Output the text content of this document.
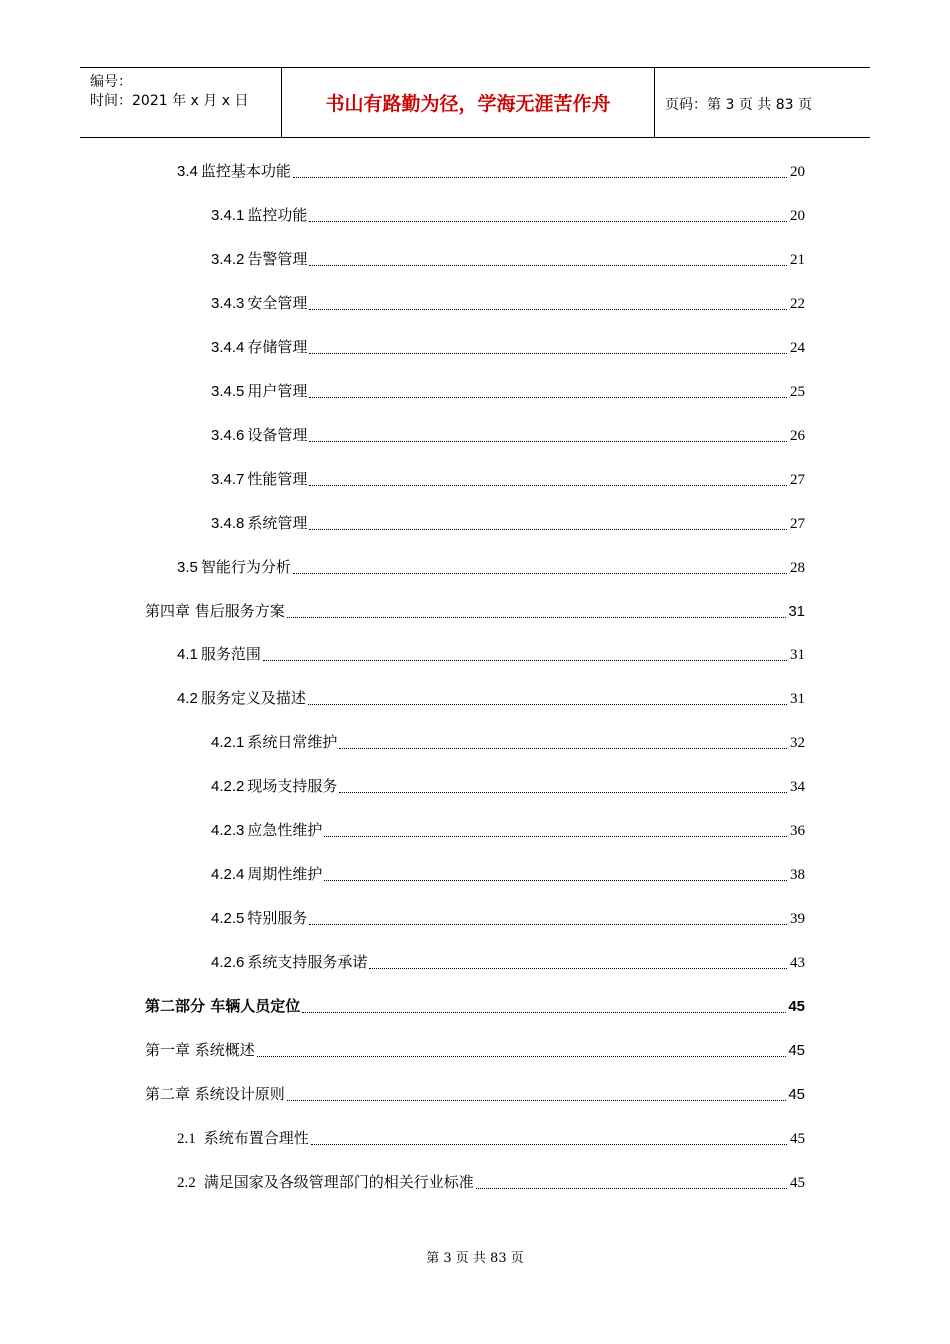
编号：
时间：2021 年 x 月 x 日	书山有路勤为径，学海无涯苦作舟	页码：第 3 页 共 83 页
3.4 监控基本功能	20
3.4.1 监控功能	20
3.4.2 告警管理	21
3.4.3 安全管理	22
3.4.4 存储管理	24
3.4.5 用户管理	25
3.4.6 设备管理	26
3.4.7 性能管理	27
3.4.8 系统管理	27
3.5 智能行为分析	28
第四章 售后服务方案	31
4.1 服务范围	31
4.2 服务定义及描述	31
4.2.1 系统日常维护	32
4.2.2 现场支持服务	34
4.2.3 应急性维护	36
4.2.4 周期性维护	38
4.2.5 特别服务	39
4.2.6 系统支持服务承诺	43
第二部分 车辆人员定位	45
第一章 系统概述	45
第二章 系统设计原则	45
2.1 系统布置合理性	45
2.2 满足国家及各级管理部门的相关行业标准	45
第 3 页 共 83 页
